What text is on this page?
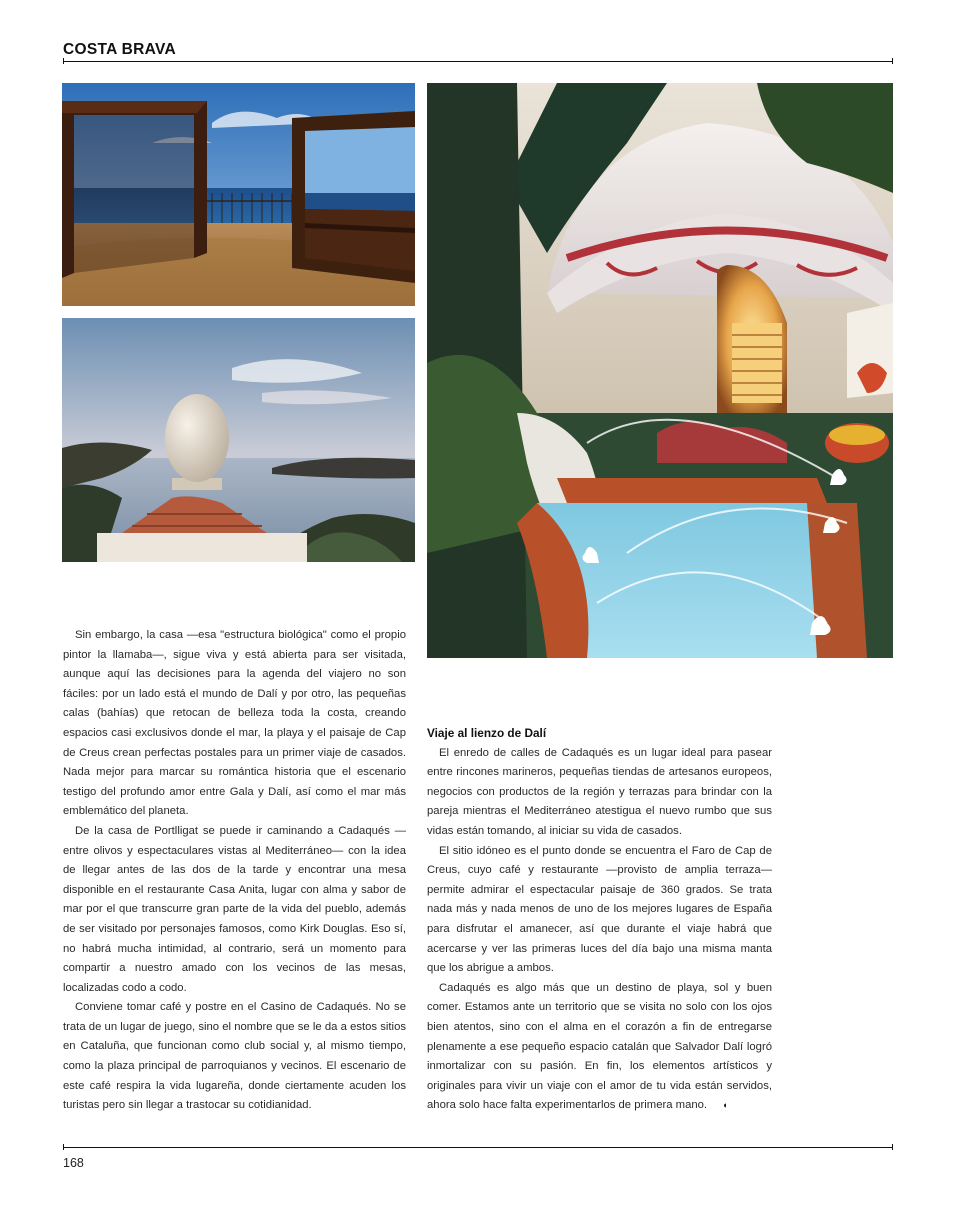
COSTA BRAVA

Sin embargo, la casa —esa "estructura biológica" como el propio pintor la llamaba—, sigue viva y está abierta para ser visitada, aunque aquí las decisiones para la agenda del viajero no son fáciles: por un lado está el mundo de Dalí y por otro, las pequeñas calas (bahías) que retocan de belleza toda la costa, creando espacios casi exclusivos donde el mar, la playa y el paisaje de Cap de Creus crean perfectas postales para un primer viaje de casados. Nada mejor para marcar su romántica historia que el escenario testigo del profundo amor entre Gala y Dalí, así como el mar más emblemático del planeta.

De la casa de Portlligat se puede ir caminando a Cadaqués —entre olivos y espectaculares vistas al Mediterráneo— con la idea de llegar antes de las dos de la tarde y encontrar una mesa disponible en el restaurante Casa Anita, lugar con alma y sabor de mar por el que transcurre gran parte de la vida del pueblo, además de ser visitado por personajes famosos, como Kirk Douglas. Eso sí, no habrá mucha intimidad, al contrario, será un momento para compartir a nuestro amado con los vecinos de las mesas, localizadas codo a codo.

Conviene tomar café y postre en el Casino de Cadaqués. No se trata de un lugar de juego, sino el nombre que se le da a estos sitios en Cataluña, que funcionan como club social y, al mismo tiempo, como la plaza principal de parroquianos y vecinos. El escenario de este café respira la vida lugareña, donde ciertamente acuden los turistas pero sin llegar a trastocar su cotidianidad.

Viaje al lienzo de Dalí

El enredo de calles de Cadaqués es un lugar ideal para pasear entre rincones marineros, pequeñas tiendas de artesanos europeos, negocios con productos de la región y terrazas para brindar con la pareja mientras el Mediterráneo atestigua el nuevo rumbo que sus vidas están tomando, al iniciar su vida de casados.

El sitio idóneo es el punto donde se encuentra el Faro de Cap de Creus, cuyo café y restaurante —provisto de amplia terraza— permite admirar el espectacular paisaje de 360 grados. Se trata nada más y nada menos de uno de los mejores lugares de España para disfrutar el amanecer, así que durante el viaje habrá que acercarse y ver las primeras luces del día bajo una misma manta que los abrigue a ambos.

Cadaqués es algo más que un destino de playa, sol y buen comer. Estamos ante un territorio que se visita no solo con los ojos bien atentos, sino con el alma en el corazón a fin de entregarse plenamente a ese pequeño espacio catalán que Salvador Dalí logró inmortalizar con su pasión. En fin, los elementos artísticos y originales para vivir un viaje con el amor de tu vida están servidos, ahora solo hace falta experimentarlos de primera mano. ◖

168
